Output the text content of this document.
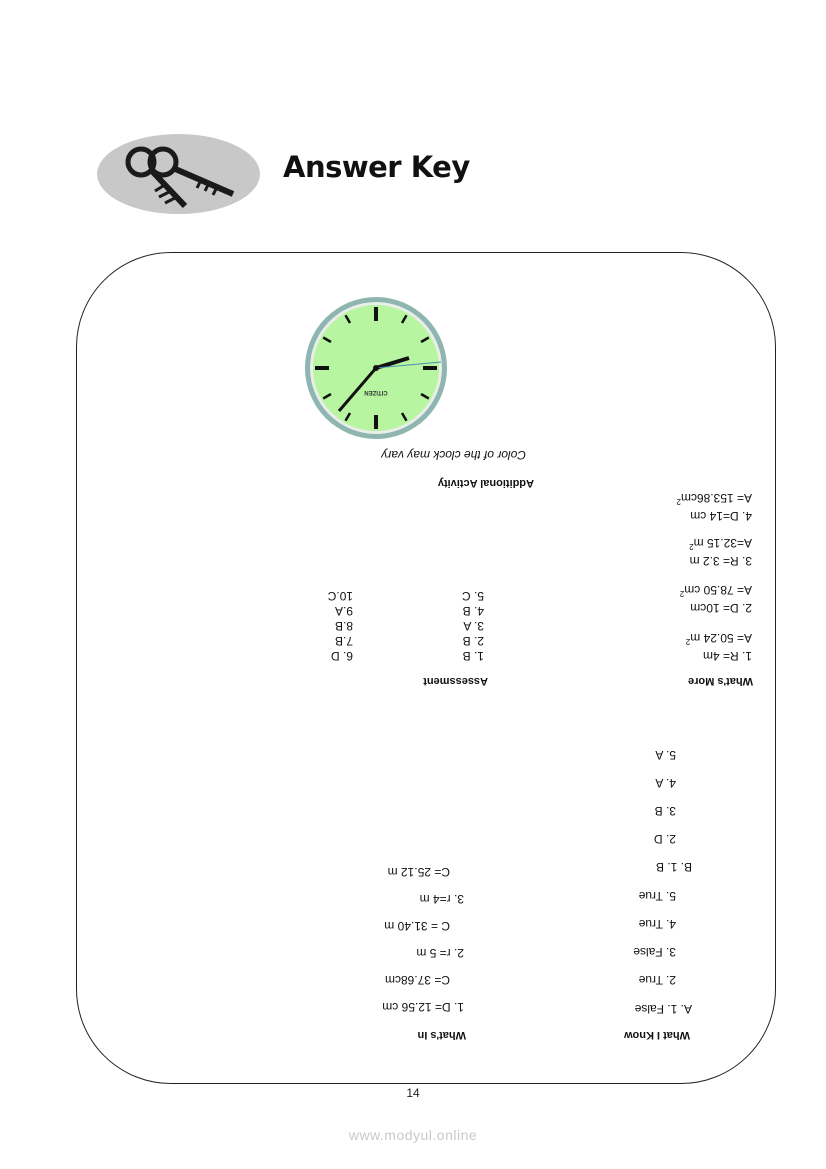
Answer Key
What I Know
A. 1. False
2. True
3. False
4. True
5. True
B. 1. B
2. D
3. B
4. A
5. A
What's In
1. D= 12.56 cm
C= 37.68cm
2. r= 5 m
C = 31.40 m
3. r=4 m
C= 25.12 m
What's More
1. R= 4m
A= 50.24 $m^2$
2. D= 10cm
A= 78.50 $cm^2$
3. R= 3.2 m
A=32.15 $m^2$
4. D=14 cm
$A= 153.86cm^2$
Assessment
1. B
2. B
3. A
4. B
5. C
6. D
7.B
8.B
9.A
10.C
Additional Activity
Color of the clock may vary
CITIZEN
14
www.modyul.online
